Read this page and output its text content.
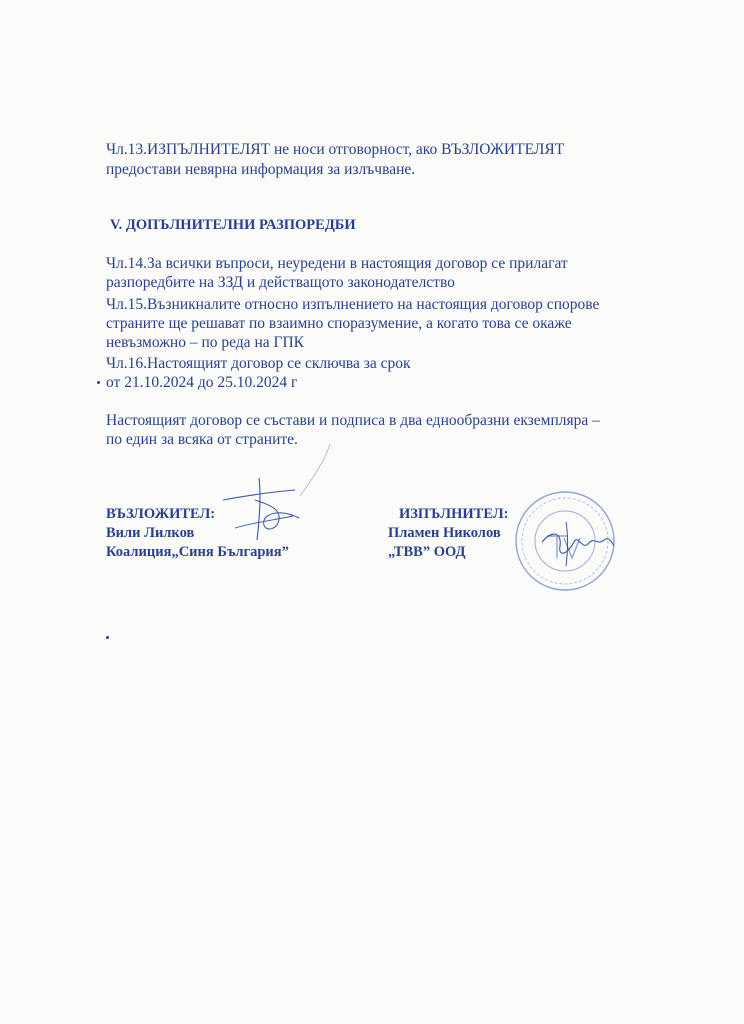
Чл.13.ИЗПЪЛНИТЕЛЯТ не носи отговорност, ако ВЪЗЛОЖИТЕЛЯТ
предостави невярна информация за излъчване.
V. ДОПЪЛНИТЕЛНИ РАЗПОРЕДБИ
Чл.14.За всички въпроси, неуредени в настоящия договор се прилагат
разпоредбите на ЗЗД и действащото законодателство
Чл.15.Възникналите относно изпълнението на настоящия договор спорове
страните ще решават по взаимно споразумение, а когато това се окаже
невъзможно – по реда на ГПК
Чл.16.Настоящият договор се сключва за срок
от 21.10.2024 до 25.10.2024 г
Настоящият договор се състави и подписа в два еднообразни екземпляра –
по един за всяка от страните.
ВЪЗЛОЖИТЕЛ:
Вили Лилков
Коалиция„Синя България”
ИЗПЪЛНИТЕЛ:
Пламен Николов
„ТВВ” ООД
